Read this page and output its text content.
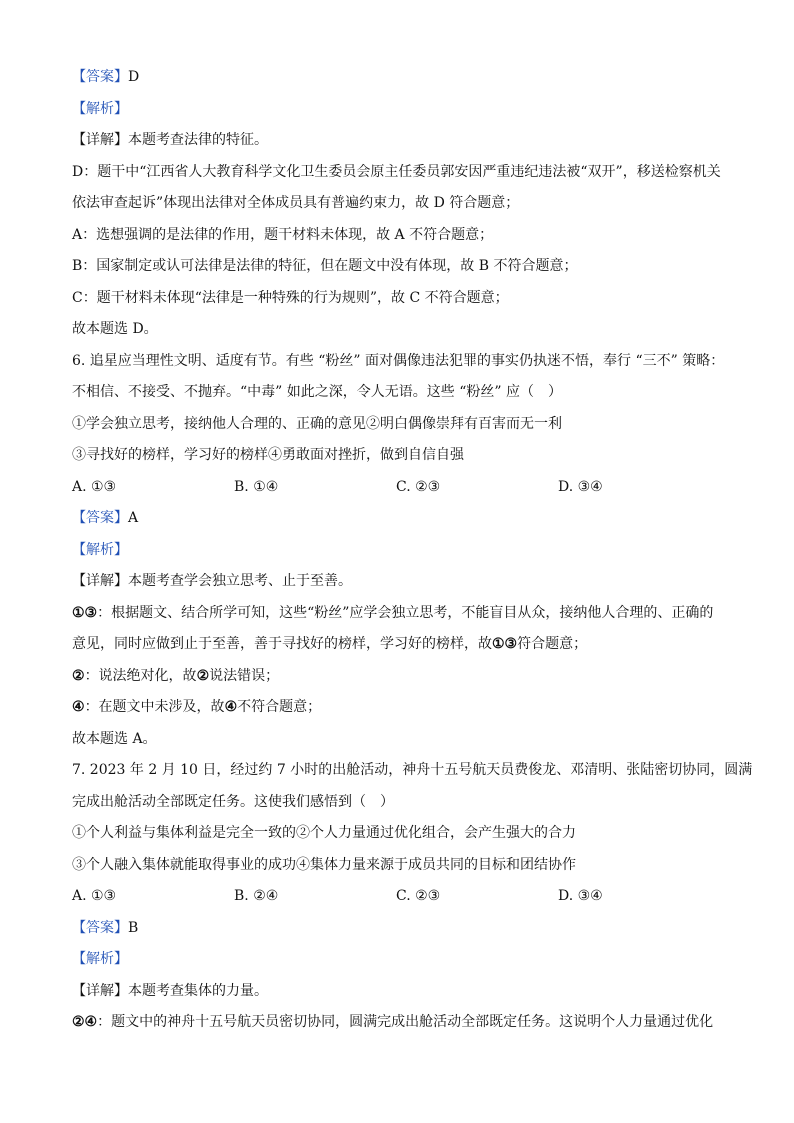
【答案】D
【解析】
【详解】本题考查法律的特征。
D：题干中“江西省人大教育科学文化卫生委员会原主任委员郭安因严重违纪违法被“双开”，移送检察机关
依法审查起诉”体现出法律对全体成员具有普遍约束力，故 D 符合题意；
A：选想强调的是法律的作用，题干材料未体现，故 A 不符合题意；
B：国家制定或认可法律是法律的特征，但在题文中没有体现，故 B 不符合题意；
C：题干材料未体现“法律是一种特殊的行为规则”，故 C 不符合题意；
故本题选 D。
6. 追星应当理性文明、适度有节。有些 “粉丝” 面对偶像违法犯罪的事实仍执迷不悟，奉行 “三不” 策略：
不相信、不接受、不抛弃。“中毒” 如此之深，令人无语。这些 “粉丝” 应（　）
①学会独立思考，接纳他人合理的、正确的意见②明白偶像崇拜有百害而无一利
③寻找好的榜样，学习好的榜样④勇敢面对挫折，做到自信自强
A. ①③	B. ①④	C. ②③	D. ③④
【答案】A
【解析】
【详解】本题考查学会独立思考、止于至善。
①③：根据题文、结合所学可知，这些“粉丝”应学会独立思考，不能盲目从众，接纳他人合理的、正确的
意见，同时应做到止于至善，善于寻找好的榜样，学习好的榜样，故①③符合题意；
②：说法绝对化，故②说法错误；
④：在题文中未涉及，故④不符合题意；
故本题选 A。
7. 2023 年 2 月 10 日，经过约 7 小时的出舱活动，神舟十五号航天员费俊龙、邓清明、张陆密切协同，圆满
完成出舱活动全部既定任务。这使我们感悟到（　）
①个人利益与集体利益是完全一致的②个人力量通过优化组合，会产生强大的合力
③个人融入集体就能取得事业的成功④集体力量来源于成员共同的目标和团结协作
A. ①③	B. ②④	C. ②③	D. ③④
【答案】B
【解析】
【详解】本题考查集体的力量。
②④：题文中的神舟十五号航天员密切协同，圆满完成出舱活动全部既定任务。这说明个人力量通过优化
